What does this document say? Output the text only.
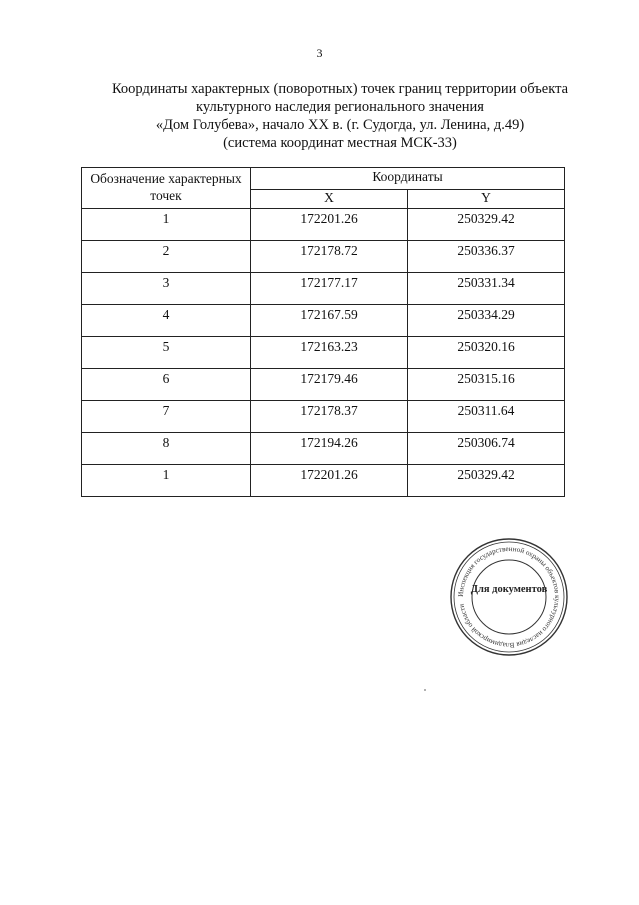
3
Координаты характерных (поворотных) точек границ территории объекта
культурного наследия регионального значения
«Дом Голубева», начало XX в. (г. Судогда, ул. Ленина, д.49)
(система координат местная МСК-33)
Обозначение характерных точек	Координаты	
	X	Y
1	172201.26	250329.42
2	172178.72	250336.37
3	172177.17	250331.34
4	172167.59	250334.29
5	172163.23	250320.16
6	172179.46	250315.16
7	172178.37	250311.64
8	172194.26	250306.74
1	172201.26	250329.42
Инспекция государственной охраны объектов культурного наследия Владимирской области
Для документов
